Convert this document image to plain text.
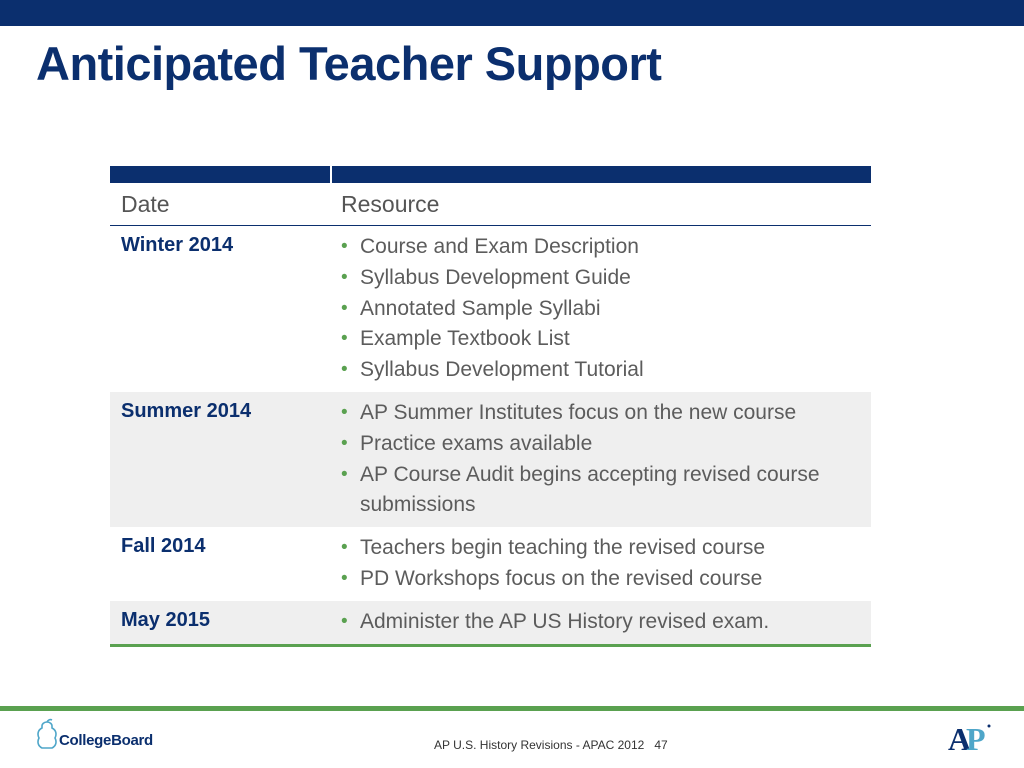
Anticipated Teacher Support
Date	Resource
Winter 2014	• Course and Exam Description
• Syllabus Development Guide
• Annotated Sample Syllabi
• Example Textbook List
• Syllabus Development Tutorial
Summer 2014	• AP Summer Institutes focus on the new course
• Practice exams available
• AP Course Audit begins accepting revised course submissions
Fall 2014	• Teachers begin teaching the revised course
• PD Workshops focus on the revised course
May 2015	• Administer the AP US History revised exam.
CollegeBoard	AP U.S. History Revisions - APAC 2012 47	A
P
